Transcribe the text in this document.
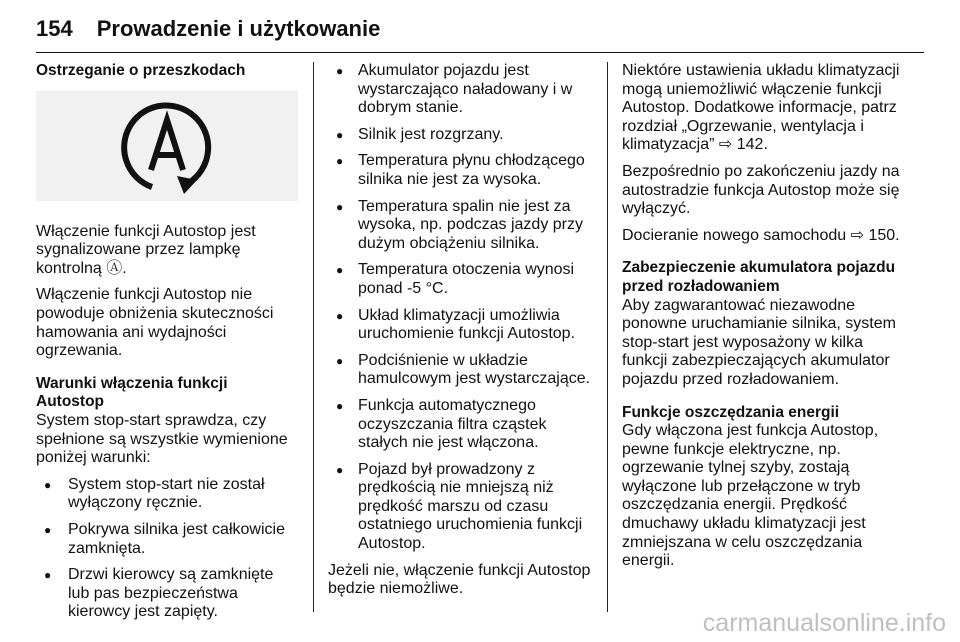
154 Prowadzenie i użytkowanie
Ostrzeganie o przeszkodach

Włączenie funkcji Autostop jest sygnalizowane przez lampkę kontrolną Ⓐ.

Włączenie funkcji Autostop nie powoduje obniżenia skuteczności hamowania ani wydajności ogrzewania.

Warunki włączenia funkcji Autostop

System stop-start sprawdza, czy spełnione są wszystkie wymienione poniżej warunki:

● System stop-start nie został wyłączony ręcznie.
● Pokrywa silnika jest całkowicie zamknięta.
● Drzwi kierowcy są zamknięte lub pas bezpieczeństwa kierowcy jest zapięty.
● Akumulator pojazdu jest wystarczająco naładowany i w dobrym stanie.
● Silnik jest rozgrzany.
● Temperatura płynu chłodzącego silnika nie jest za wysoka.
● Temperatura spalin nie jest za wysoka, np. podczas jazdy przy dużym obciążeniu silnika.
● Temperatura otoczenia wynosi ponad -5 °C.
● Układ klimatyzacji umożliwia uruchomienie funkcji Autostop.
● Podciśnienie w układzie hamulcowym jest wystarczające.
● Funkcja automatycznego oczyszczania filtra cząstek stałych nie jest włączona.
● Pojazd był prowadzony z prędkością nie mniejszą niż prędkość marszu od czasu ostatniego uruchomienia funkcji Autostop.

Jeżeli nie, włączenie funkcji Autostop będzie niemożliwe.

Niektóre ustawienia układu klimatyzacji mogą uniemożliwić włączenie funkcji Autostop. Dodatkowe informacje, patrz rozdział „Ogrzewanie, wentylacja i klimatyzacja” ⇨ 142.

Bezpośrednio po zakończeniu jazdy na autostradzie funkcja Autostop może się wyłączyć.

Docieranie nowego samochodu ⇨ 150.

Zabezpieczenie akumulatora pojazdu przed rozładowaniem

Aby zagwarantować niezawodne ponowne uruchamianie silnika, system stop-start jest wyposażony w kilka funkcji zabezpieczających akumulator pojazdu przed rozładowaniem.

Funkcje oszczędzania energii

Gdy włączona jest funkcja Autostop, pewne funkcje elektryczne, np. ogrzewanie tylnej szyby, zostają wyłączone lub przełączone w tryb oszczędzania energii. Prędkość dmuchawy układu klimatyzacji jest zmniejszana w celu oszczędzania energii.

carmanualsonline.info
